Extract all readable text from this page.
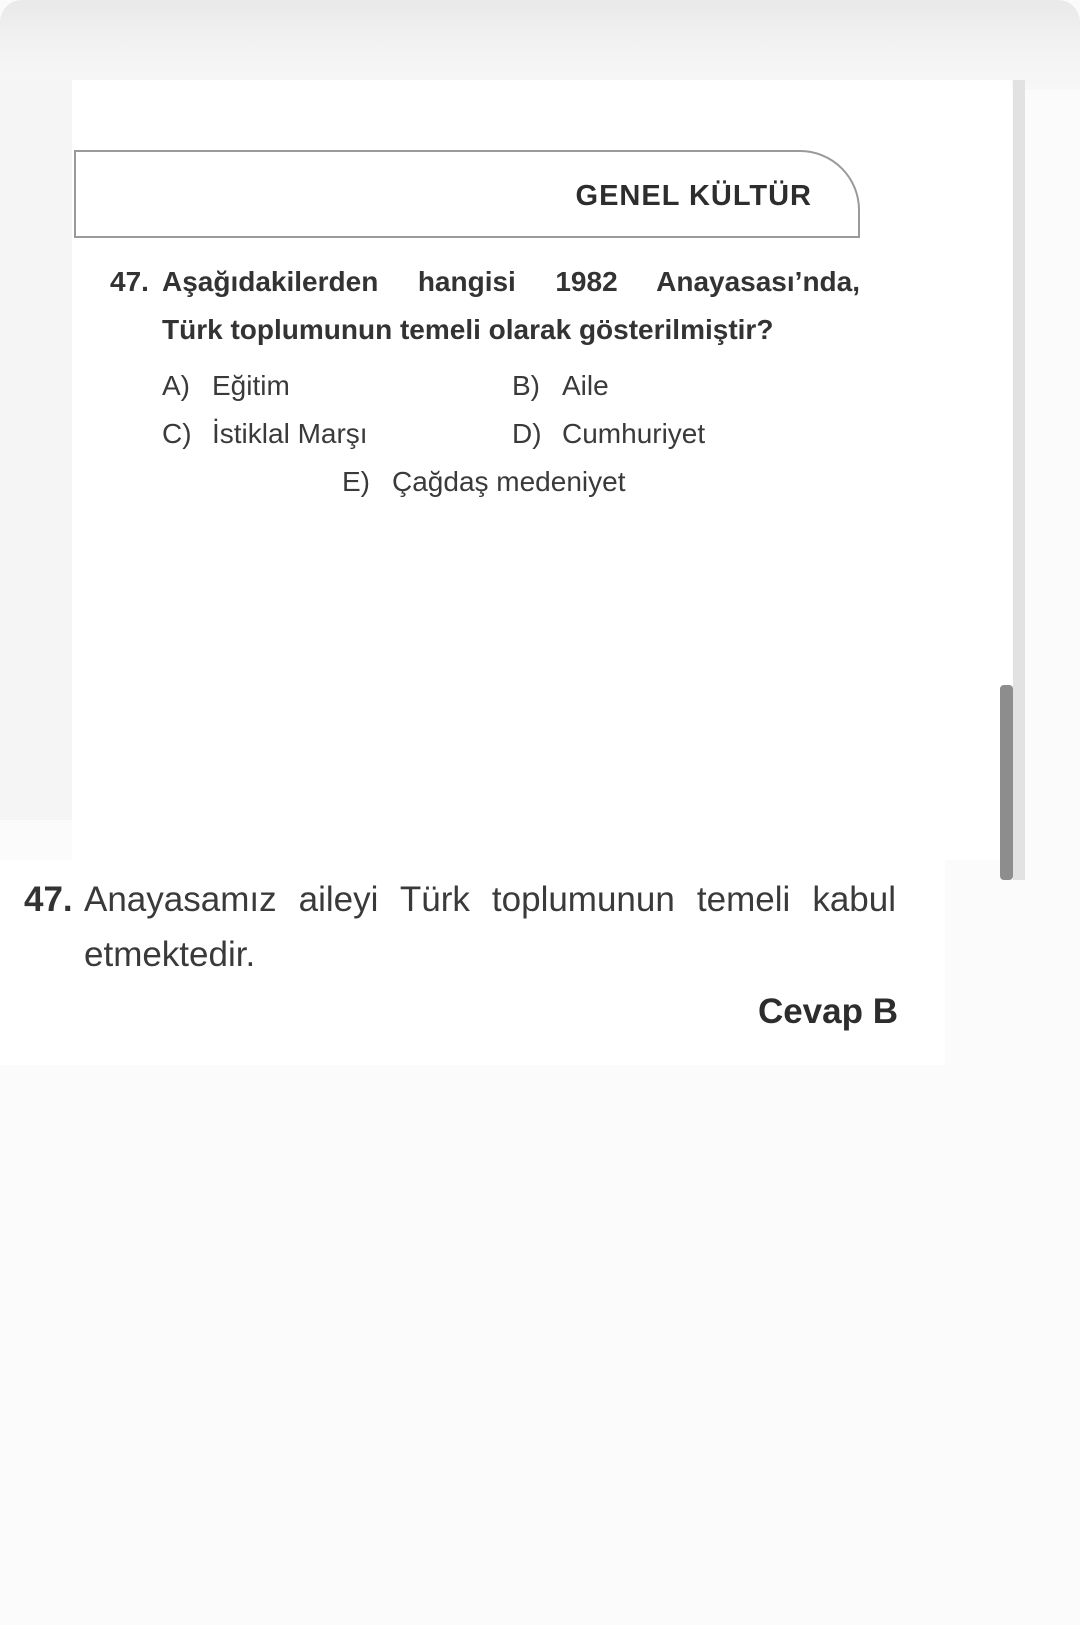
GENEL KÜLTÜR
47. Aşağıdakilerden hangisi 1982 Anayasası’nda,
Türk toplumunun temeli olarak gösterilmiştir?
A) Eğitim	B) Aile
C) İstiklal Marşı	D) Cumhuriyet
E) Çağdaş medeniyet
47. Anayasamız aileyi Türk toplumunun temeli kabul
etmektedir.
Cevap B
